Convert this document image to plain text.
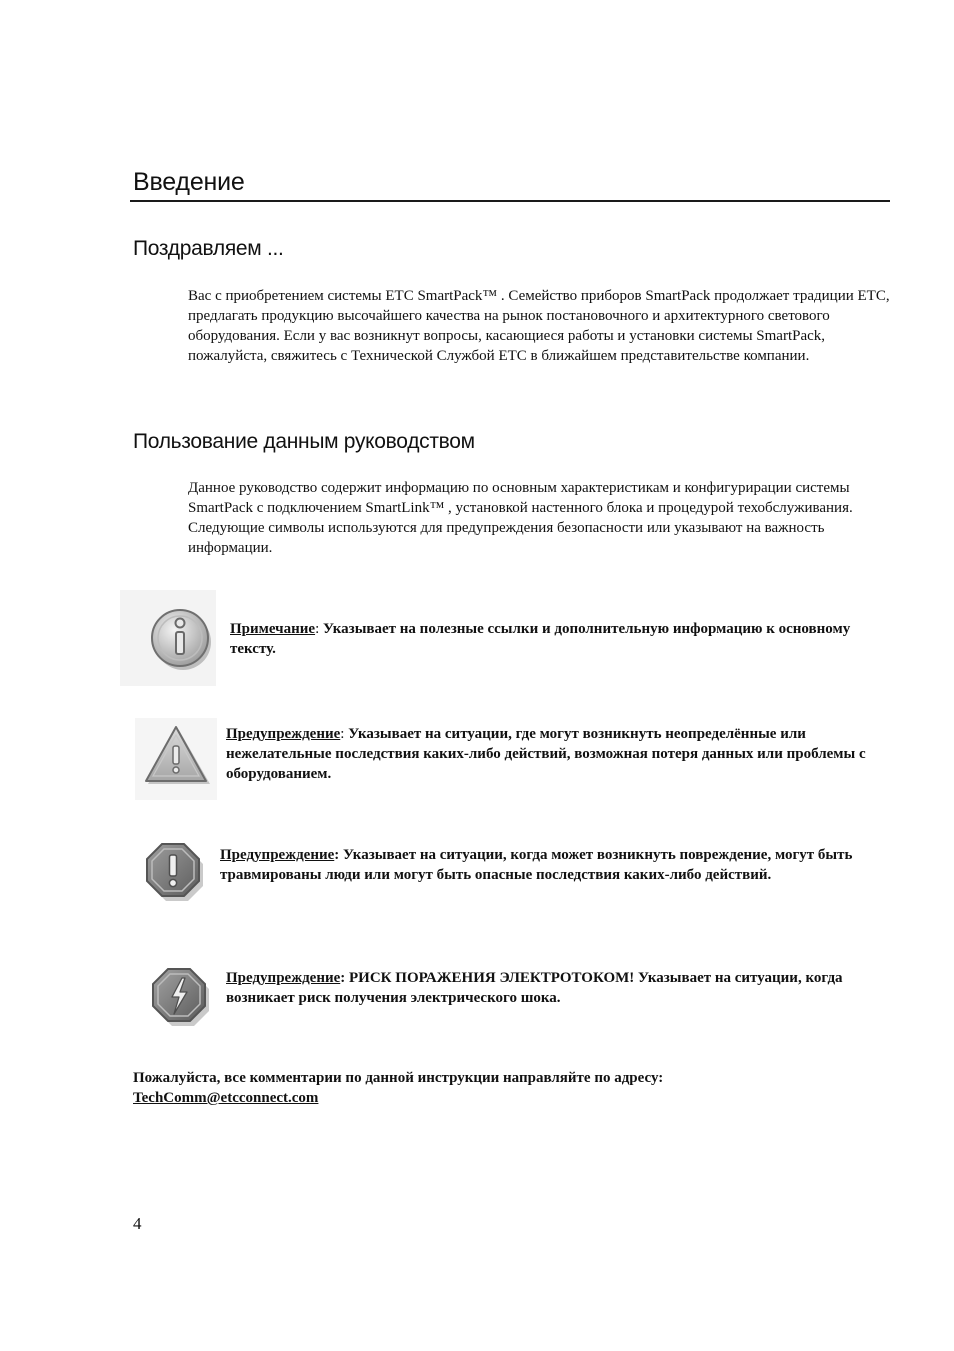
Введение
Поздравляем ...

Вас с приобретением системы ETC SmartPack™ . Семейство приборов SmartPack продолжает традиции ETC, предлагать продукцию высочайшего качества на рынок постановочного и архитектурного светового оборудования. Если у вас возникнут вопросы, касающиеся работы и установки системы SmartPack, пожалуйста, свяжитесь с Технической Службой ETC в ближайшем представительстве компании.

Пользование данным руководством

Данное руководство содержит информацию по основным характеристикам и конфигурирации системы SmartPack с подключением SmartLink™ , установкой настенного блока и процедурой техобслуживания.

Следующие символы используются для предупреждения безопасности или указывают на важность информации.

Примечание: Указывает на полезные ссылки и дополнительную информацию к основному тексту.
Предупреждение: Указывает на ситуации, где могут возникнуть неопределённые или нежелательные последствия каких-либо действий, возможная потеря данных или проблемы с оборудованием.
Предупреждение: Указывает на ситуации, когда может возникнуть повреждение, могут быть травмированы люди или могут быть опасные последствия каких-либо действий.
Предупреждение: РИСК ПОРАЖЕНИЯ ЭЛЕКТРОТОКОМ! Указывает на ситуации, когда возникает риск получения электрического шока.
Пожалуйста, все комментарии по данной инструкции направляйте по адресу:
TechComm@etcconnect.com
4
